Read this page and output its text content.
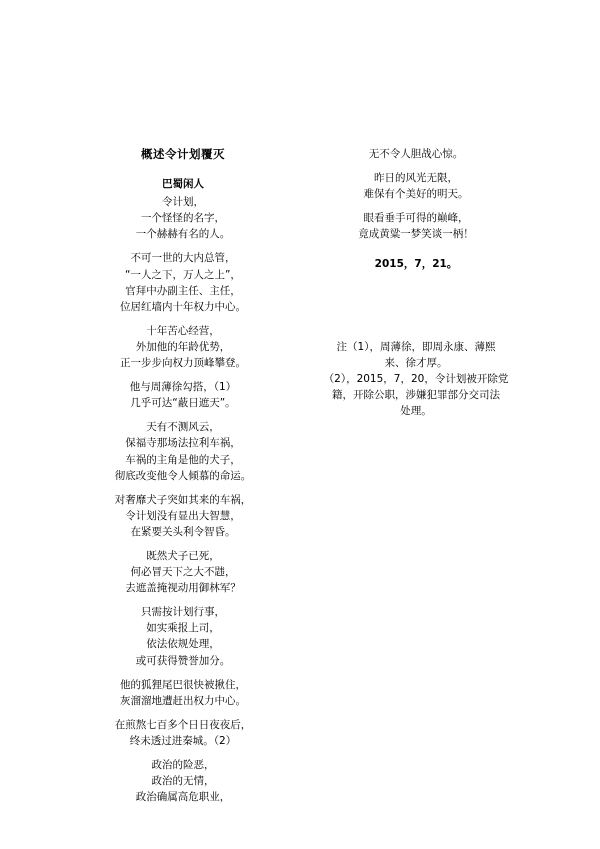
概述令计划覆灭
巴蜀闲人
令计划，
一个怪怪的名字，
一个赫赫有名的人。
不可一世的大内总管，
“一人之下，万人之上”，
官拜中办副主任、主任，
位居红墙内十年权力中心。
十年苦心经营，
外加他的年龄优势，
正一步步向权力顶峰攀登。
他与周薄徐勾搭，（1）
几乎可达“蔽日遮天”。
天有不测风云，
保福寺那场法拉利车祸，
车祸的主角是他的犬子，
彻底改变他令人倾慕的命运。
对奢靡犬子突如其来的车祸，
令计划没有显出大智慧，
在紧要关头利令智昏。
既然犬子已死，
何必冒天下之大不韪，
去遮盖掩视动用御林军？
只需按计划行事，
如实乘报上司，
依法依规处理，
或可获得赞誉加分。
他的狐狸尾巴很快被揪住，
灰溜溜地遭赶出权力中心。
在煎熬七百多个日日夜夜后，
终未透过进秦城。（2）
政治的险恶，
政治的无情，
政治确属高危职业，
无不令人胆战心惊。
昨日的风光无限，
难保有个美好的明天。
眼看垂手可得的巅峰，
竟成黄粱一梦笑谈一柄！
2015，7，21。
注（1），周薄徐，即周永康、薄熙
来、徐才厚。
（2），2015，7，20，令计划被开除党
籍，开除公职，涉嫌犯罪部分交司法
处理。
